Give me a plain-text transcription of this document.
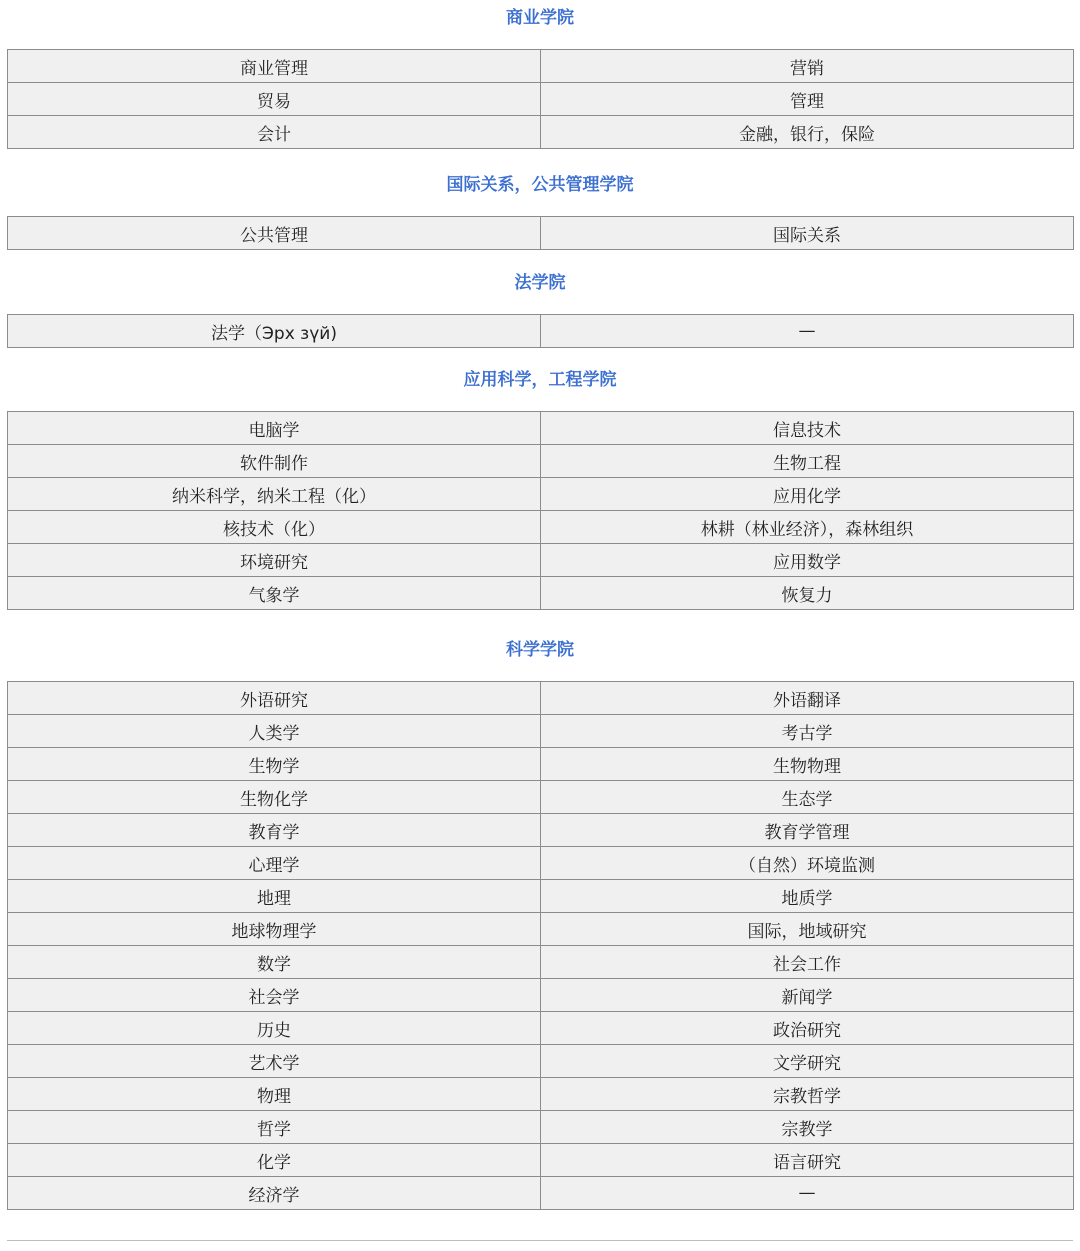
商业学院
商业管理	营销
贸易	管理
会计	金融，银行，保险
国际关系，公共管理学院
公共管理	国际关系
法学院
法学（Эрх зүй)	—
应用科学，工程学院
电脑学	信息技术
软件制作	生物工程
纳米科学，纳米工程（化）	应用化学
核技术（化）	林耕（林业经济），森林组织
环境研究	应用数学
气象学	恢复力
科学学院
外语研究	外语翻译
人类学	考古学
生物学	生物物理
生物化学	生态学
教育学	教育学管理
心理学	（自然）环境监测
地理	地质学
地球物理学	国际，地域研究
数学	社会工作
社会学	新闻学
历史	政治研究
艺术学	文学研究
物理	宗教哲学
哲学	宗教学
化学	语言研究
经济学	—
